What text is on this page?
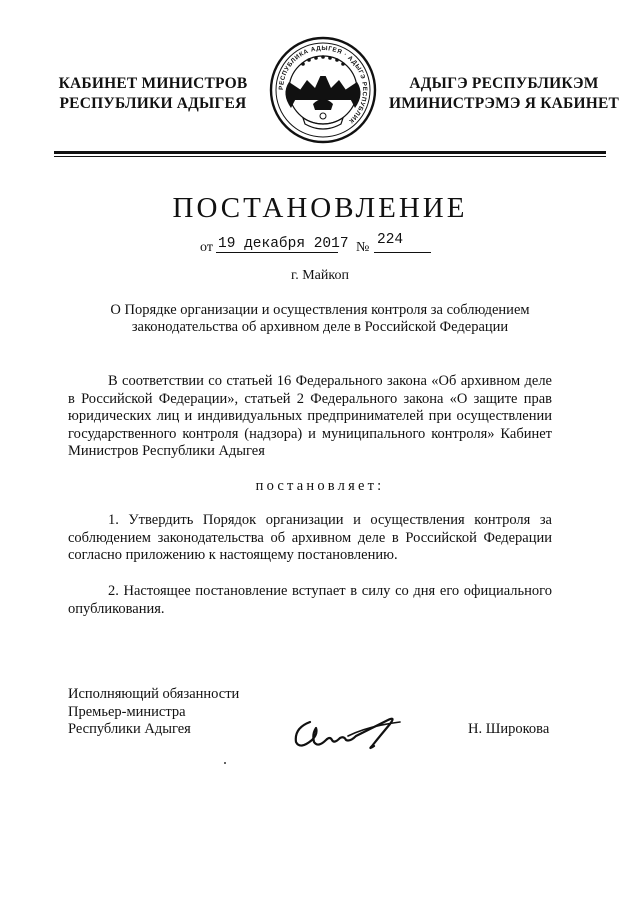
КАБИНЕТ МИНИСТРОВ
РЕСПУБЛИКИ АДЫГЕЯ
РЕСПУБЛИКА АДЫГЕЯ · АДЫГЭ РЕСПУБЛИК
АДЫГЭ РЕСПУБЛИКЭМ
ИМИНИСТРЭМЭ Я КАБИНЕТ
ПОСТАНОВЛЕНИЕ
от 19 декабря 2017 № 224
г. Майкоп
О Порядке организации и осуществления контроля за соблюдением законодательства об архивном деле в Российской Федерации
В соответствии со статьей 16 Федерального закона «Об архивном деле в Российской Федерации», статьей 2 Федерального закона «О защите прав юридических лиц и индивидуальных предпринимателей при осуществлении государственного контроля (надзора) и муниципального контроля» Кабинет Министров Республики Адыгея
постановляет:
1. Утвердить Порядок организации и осуществления контроля за соблюдением законодательства об архивном деле в Российской Федерации согласно приложению к настоящему постановлению.
2. Настоящее постановление вступает в силу со дня его официального опубликования.
Исполняющий обязанности
Премьер-министра
Республики Адыгея	Н. Широкова
